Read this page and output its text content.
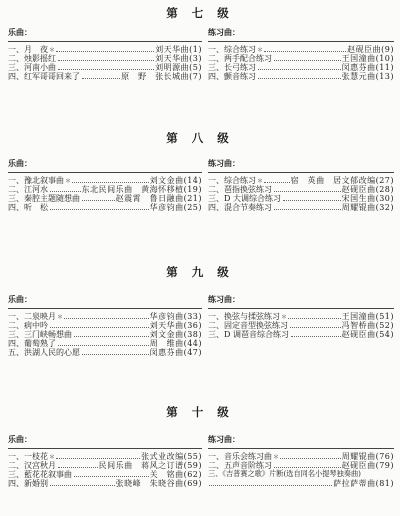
第 七 级
乐曲：
一、月　夜 ＊	刘天华曲(1)
二、烛影摇红	刘天华曲(3)
三、河南小曲	刘明源曲(5)
四、红军哥哥回来了	原　野　张长城曲(7)
练习曲：
一、综合练习 ＊	赵砚臣曲(9)
二、两手配合练习	王国潼曲(10)
三、长弓练习	闵惠芬曲(11)
四、颤音练习	张慧元曲(13)
第 八 级
乐曲：
一、豫北叙事曲 ＊	刘文金曲(14)
二、江河水	东北民间乐曲　黄海怀移植(19)
三、秦腔主题随想曲	赵震霄　鲁日融曲(21)
四、听　松	华彦钧曲(25)
练习曲：
一、综合练习 ＊	宿　英曲　居文郁改编(27)
二、琶指换弦练习	赵砚臣曲(28)
三、D 大调综合练习	宋国生曲(30)
四、混合节奏练习	周耀锟曲(32)
第 九 级
乐曲：
一、二泉映月 ＊	华彦钧曲(33)
二、病中吟	刘天华曲(36)
三、三门峡畅想曲	刘文金曲(38)
四、葡萄熟了	周　维曲(44)
五、洪湖人民的心愿	闵惠芬曲(47)
练习曲：
一、换弦与揉弦练习 ＊	王国潼曲(51)
二、固定音型换弦练习	冯智桥曲(52)
三、D 调琶音综合练习	赵砚臣曲(54)
第 十 级
乐曲：
一、一枝花 ＊	张式业改编(55)
二、汉宫秋月	民间乐曲　蒋风之订谱(59)
三、藍花花叙事曲	关　铭曲(62)
四、新婚别	张晓峰　朱晓谷曲(69)
练习曲：
一、音乐会练习曲 ＊	周耀锟曲(76)
二、五声音阶练习	赵砚臣曲(79)
三、《吉普赛之歌》片断(选自同名小提琴独奏曲)
萨拉萨蒂曲(81)
